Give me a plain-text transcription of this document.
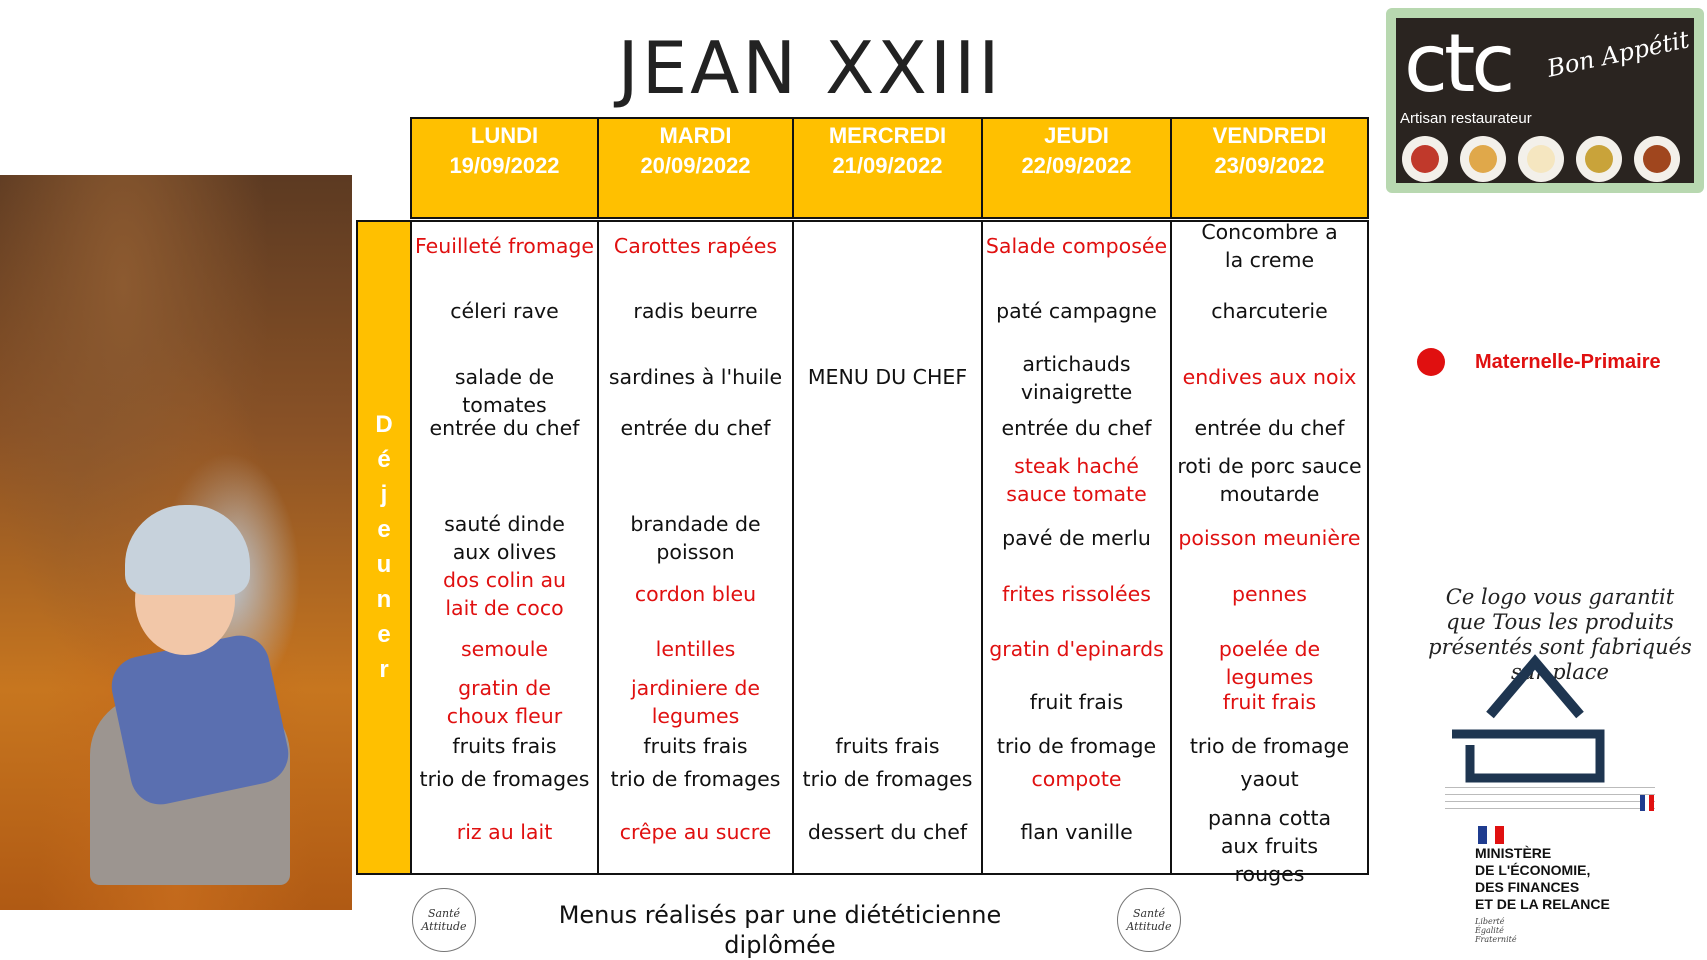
JEAN XXIII	ctc Bon Appétit
Artisan restaurateur
LUNDI
19/09/2022
MARDI
20/09/2022
MERCREDI
21/09/2022
JEUDI
22/09/2022
VENDREDI
23/09/2022
D
é
j
e
u
n
e
r
Feuilleté fromage
céleri rave
salade de tomates
entrée du chef
sauté dinde aux olives
dos colin au lait de coco
semoule
gratin de choux fleur
fruits frais
trio de fromages
riz au lait
Carottes rapées
radis beurre
sardines à l'huile
entrée du chef
brandade de poisson
cordon bleu
lentilles
jardiniere de legumes
fruits frais
trio de fromages
crêpe au sucre
MENU DU CHEF
fruits frais
trio de fromages
dessert du chef
Salade composée
paté campagne
artichauds vinaigrette
entrée du chef
steak haché sauce tomate
pavé de merlu
frites rissolées
gratin d'epinards
fruit frais
trio de fromage
compote
flan vanille
Concombre a la creme
charcuterie
endives aux noix
entrée du chef
roti de porc sauce moutarde
poisson meunière
pennes
poelée de legumes
fruit frais
trio de fromage
yaout
panna cotta aux fruits rouges
Maternelle-Primaire
Ce logo vous garantit que Tous les produits présentés sont fabriqués sur place
MINISTÈRE
DE L'ÉCONOMIE,
DES FINANCES
ET DE LA RELANCE
Liberté
Égalité
Fraternité
Santé Attitude	Menus réalisés par une diététicienne diplômée
Santé Attitude
